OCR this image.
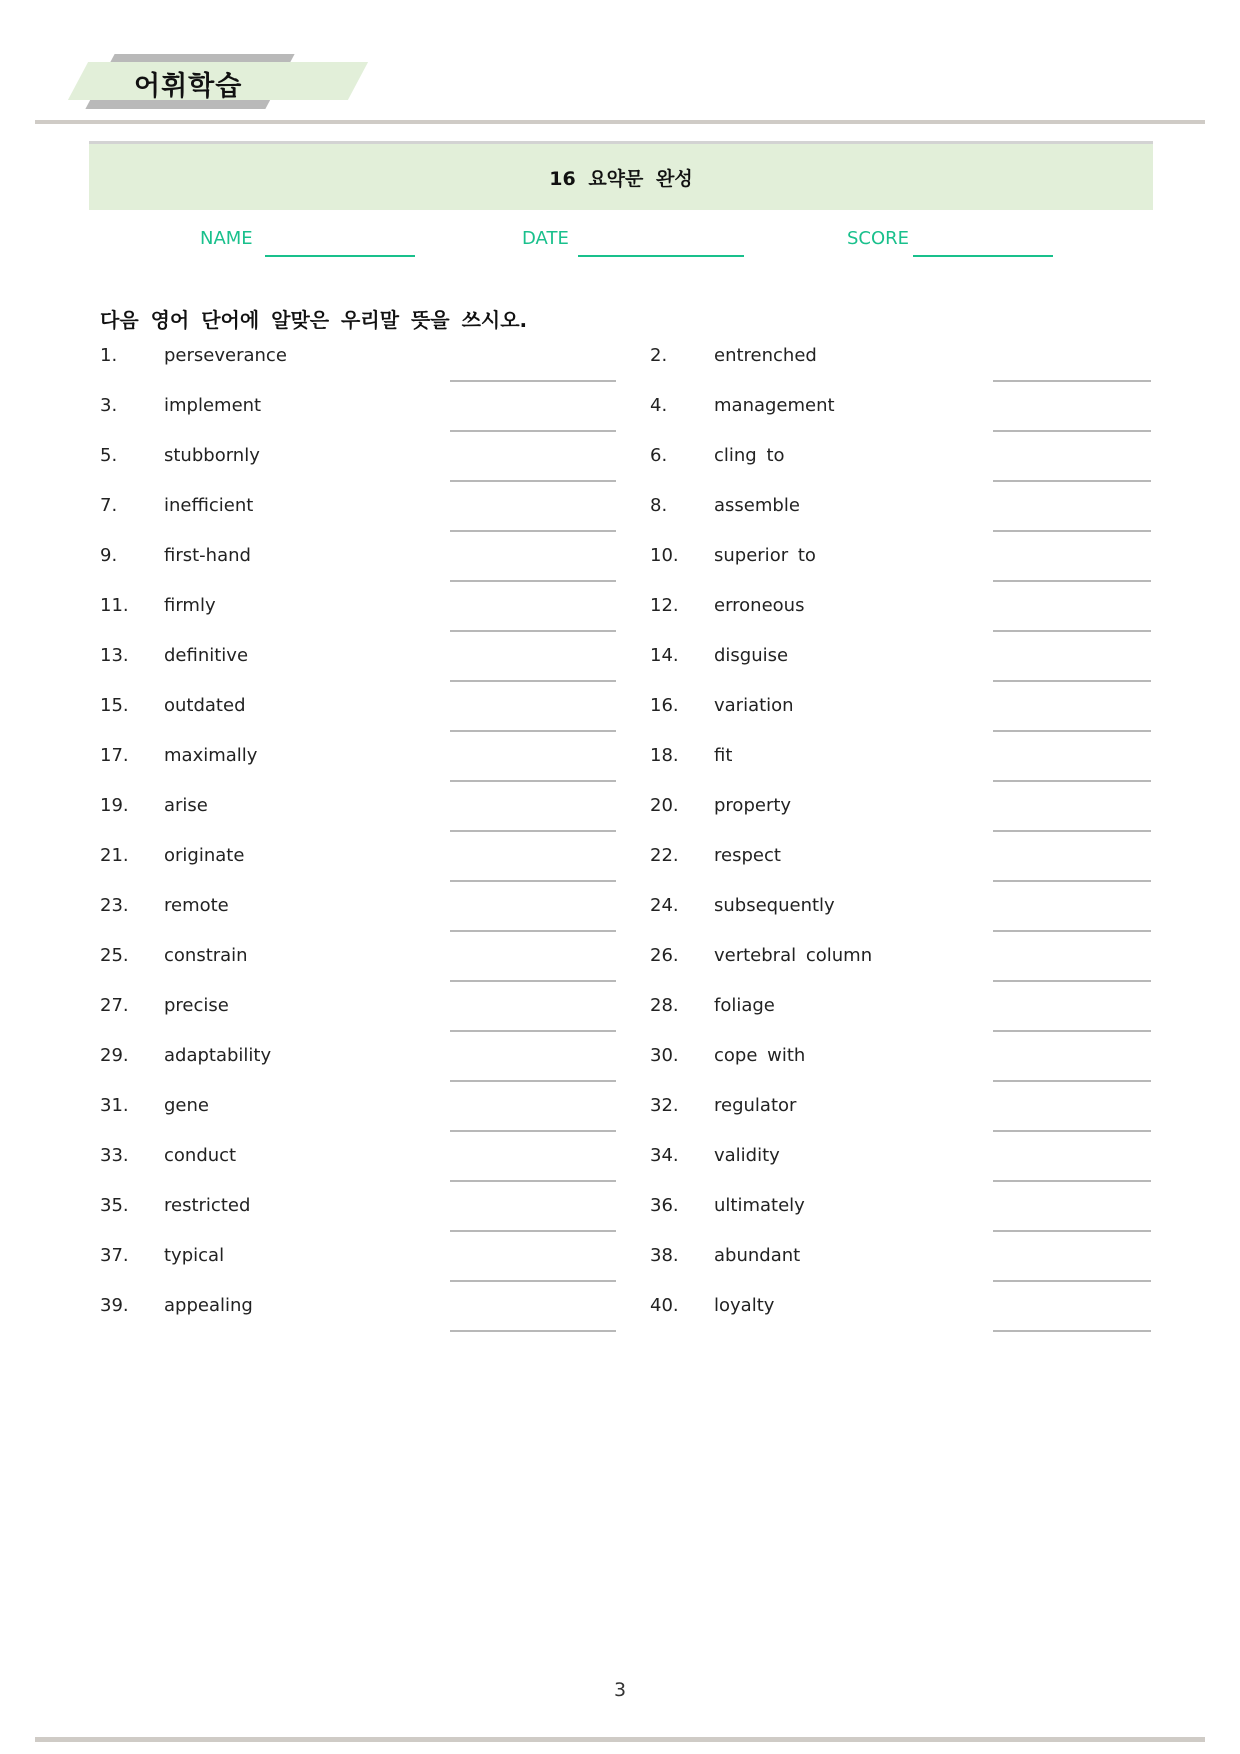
어휘학습
16 요약문 완성
NAME	DATE	SCORE
다음 영어 단어에 알맞은 우리말 뜻을 쓰시오.
1.	perseverance	2.	entrenched
3.	implement	4.	management
5.	stubbornly	6.	cling to
7.	inefficient	8.	assemble
9.	first-hand	10. superior to
11. firmly	12. erroneous
13. definitive	14. disguise
15. outdated	16. variation
17. maximally	18. fit
19. arise	20. property
21. originate	22. respect
23. remote	24. subsequently
25. constrain	26. vertebral column
27. precise	28. foliage
29. adaptability	30. cope with
31. gene	32. regulator
33. conduct	34. validity
35. restricted	36. ultimately
37. typical	38. abundant
39. appealing	40. loyalty
3
